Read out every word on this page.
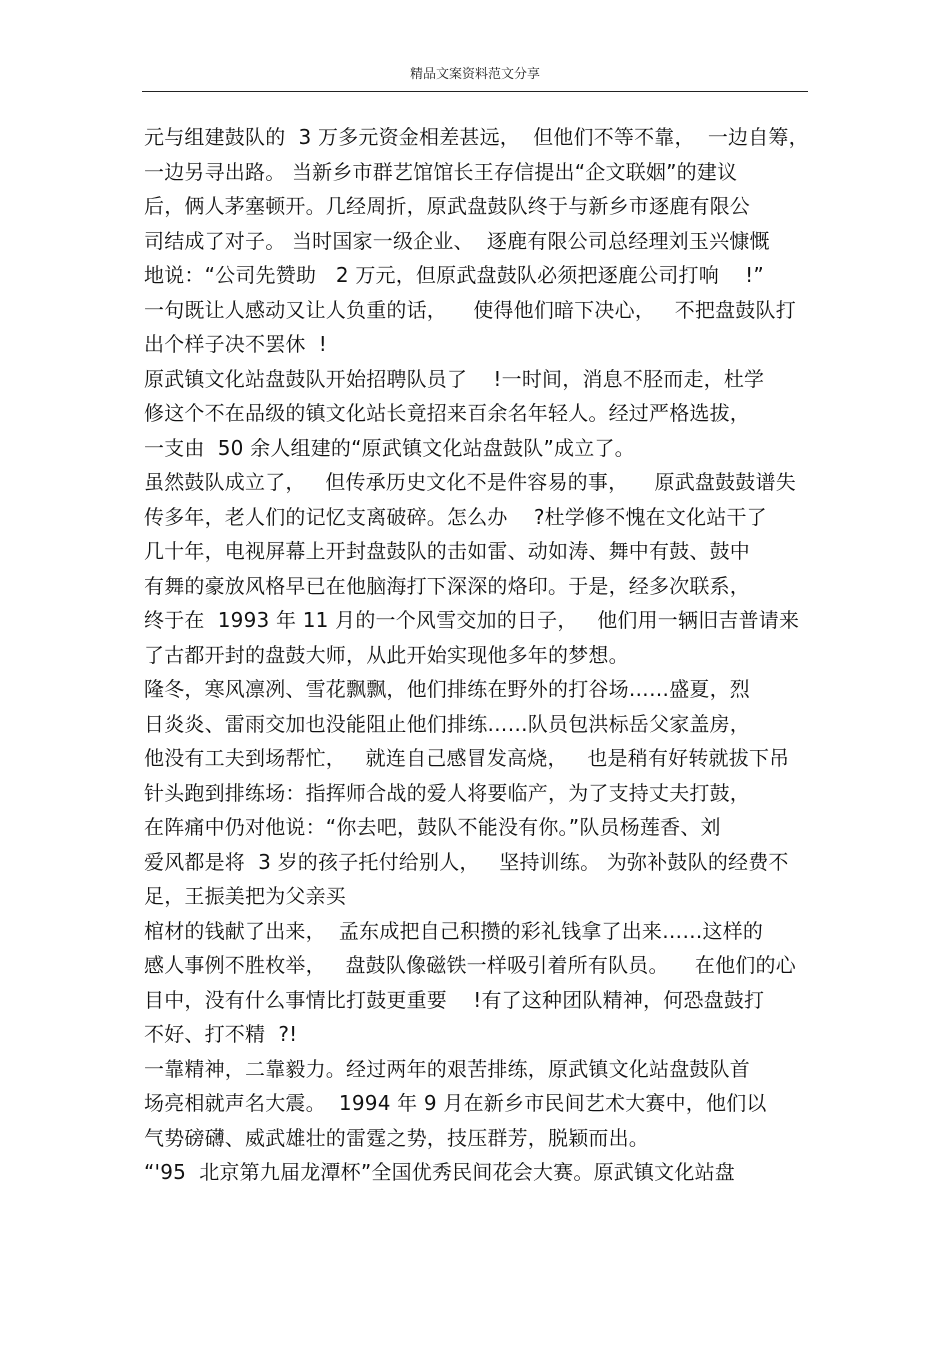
精品文案资料范文分享
元与组建鼓队的  3 万多元资金相差甚远，  但他们不等不靠，  一边自筹，
一边另寻出路。 当新乡市群艺馆馆长王存信提出“企文联姻”的建议
后，俩人茅塞顿开。几经周折，原武盘鼓队终于与新乡市逐鹿有限公
司结成了对子。 当时国家一级企业、  逐鹿有限公司总经理刘玉兴慷慨
地说：“公司先赞助   2 万元，但原武盘鼓队必须把逐鹿公司打响    !”
一句既让人感动又让人负重的话，    使得他们暗下决心，   不把盘鼓队打
出个样子决不罢休  !
原武镇文化站盘鼓队开始招聘队员了    !一时间，消息不胫而走，杜学
修这个不在品级的镇文化站长竟招来百余名年轻人。经过严格选拔，
一支由  50 余人组建的“原武镇文化站盘鼓队”成立了。
虽然鼓队成立了，   但传承历史文化不是件容易的事，    原武盘鼓鼓谱失
传多年，老人们的记忆支离破碎。怎么办    ?杜学修不愧在文化站干了
几十年，电视屏幕上开封盘鼓队的击如雷、动如涛、舞中有鼓、鼓中
有舞的豪放风格早已在他脑海打下深深的烙印。于是，经多次联系，
终于在  1993 年 11 月的一个风雪交加的日子，   他们用一辆旧吉普请来
了古都开封的盘鼓大师，从此开始实现他多年的梦想。
隆冬，寒风凛冽、雪花飘飘，他们排练在野外的打谷场……盛夏，烈
日炎炎、雷雨交加也没能阻止他们排练……队员包洪标岳父家盖房，
他没有工夫到场帮忙，   就连自己感冒发高烧，   也是稍有好转就拔下吊
针头跑到排练场：指挥师合战的爱人将要临产，为了支持丈夫打鼓，
在阵痛中仍对他说：“你去吧，鼓队不能没有你。”队员杨莲香、刘
爱风都是将  3 岁的孩子托付给别人，   坚持训练。 为弥补鼓队的经费不
足，王振美把为父亲买
棺材的钱献了出来，  孟东成把自己积攒的彩礼钱拿了出来……这样的
感人事例不胜枚举，   盘鼓队像磁铁一样吸引着所有队员。    在他们的心
目中，没有什么事情比打鼓更重要    !有了这种团队精神，何恐盘鼓打
不好、打不精  ?!
一靠精神，二靠毅力。经过两年的艰苦排练，原武镇文化站盘鼓队首
场亮相就声名大震。  1994 年 9 月在新乡市民间艺术大赛中，他们以
气势磅礴、威武雄壮的雷霆之势，技压群芳，脱颖而出。
“'95  北京第九届龙潭杯”全国优秀民间花会大赛。原武镇文化站盘
